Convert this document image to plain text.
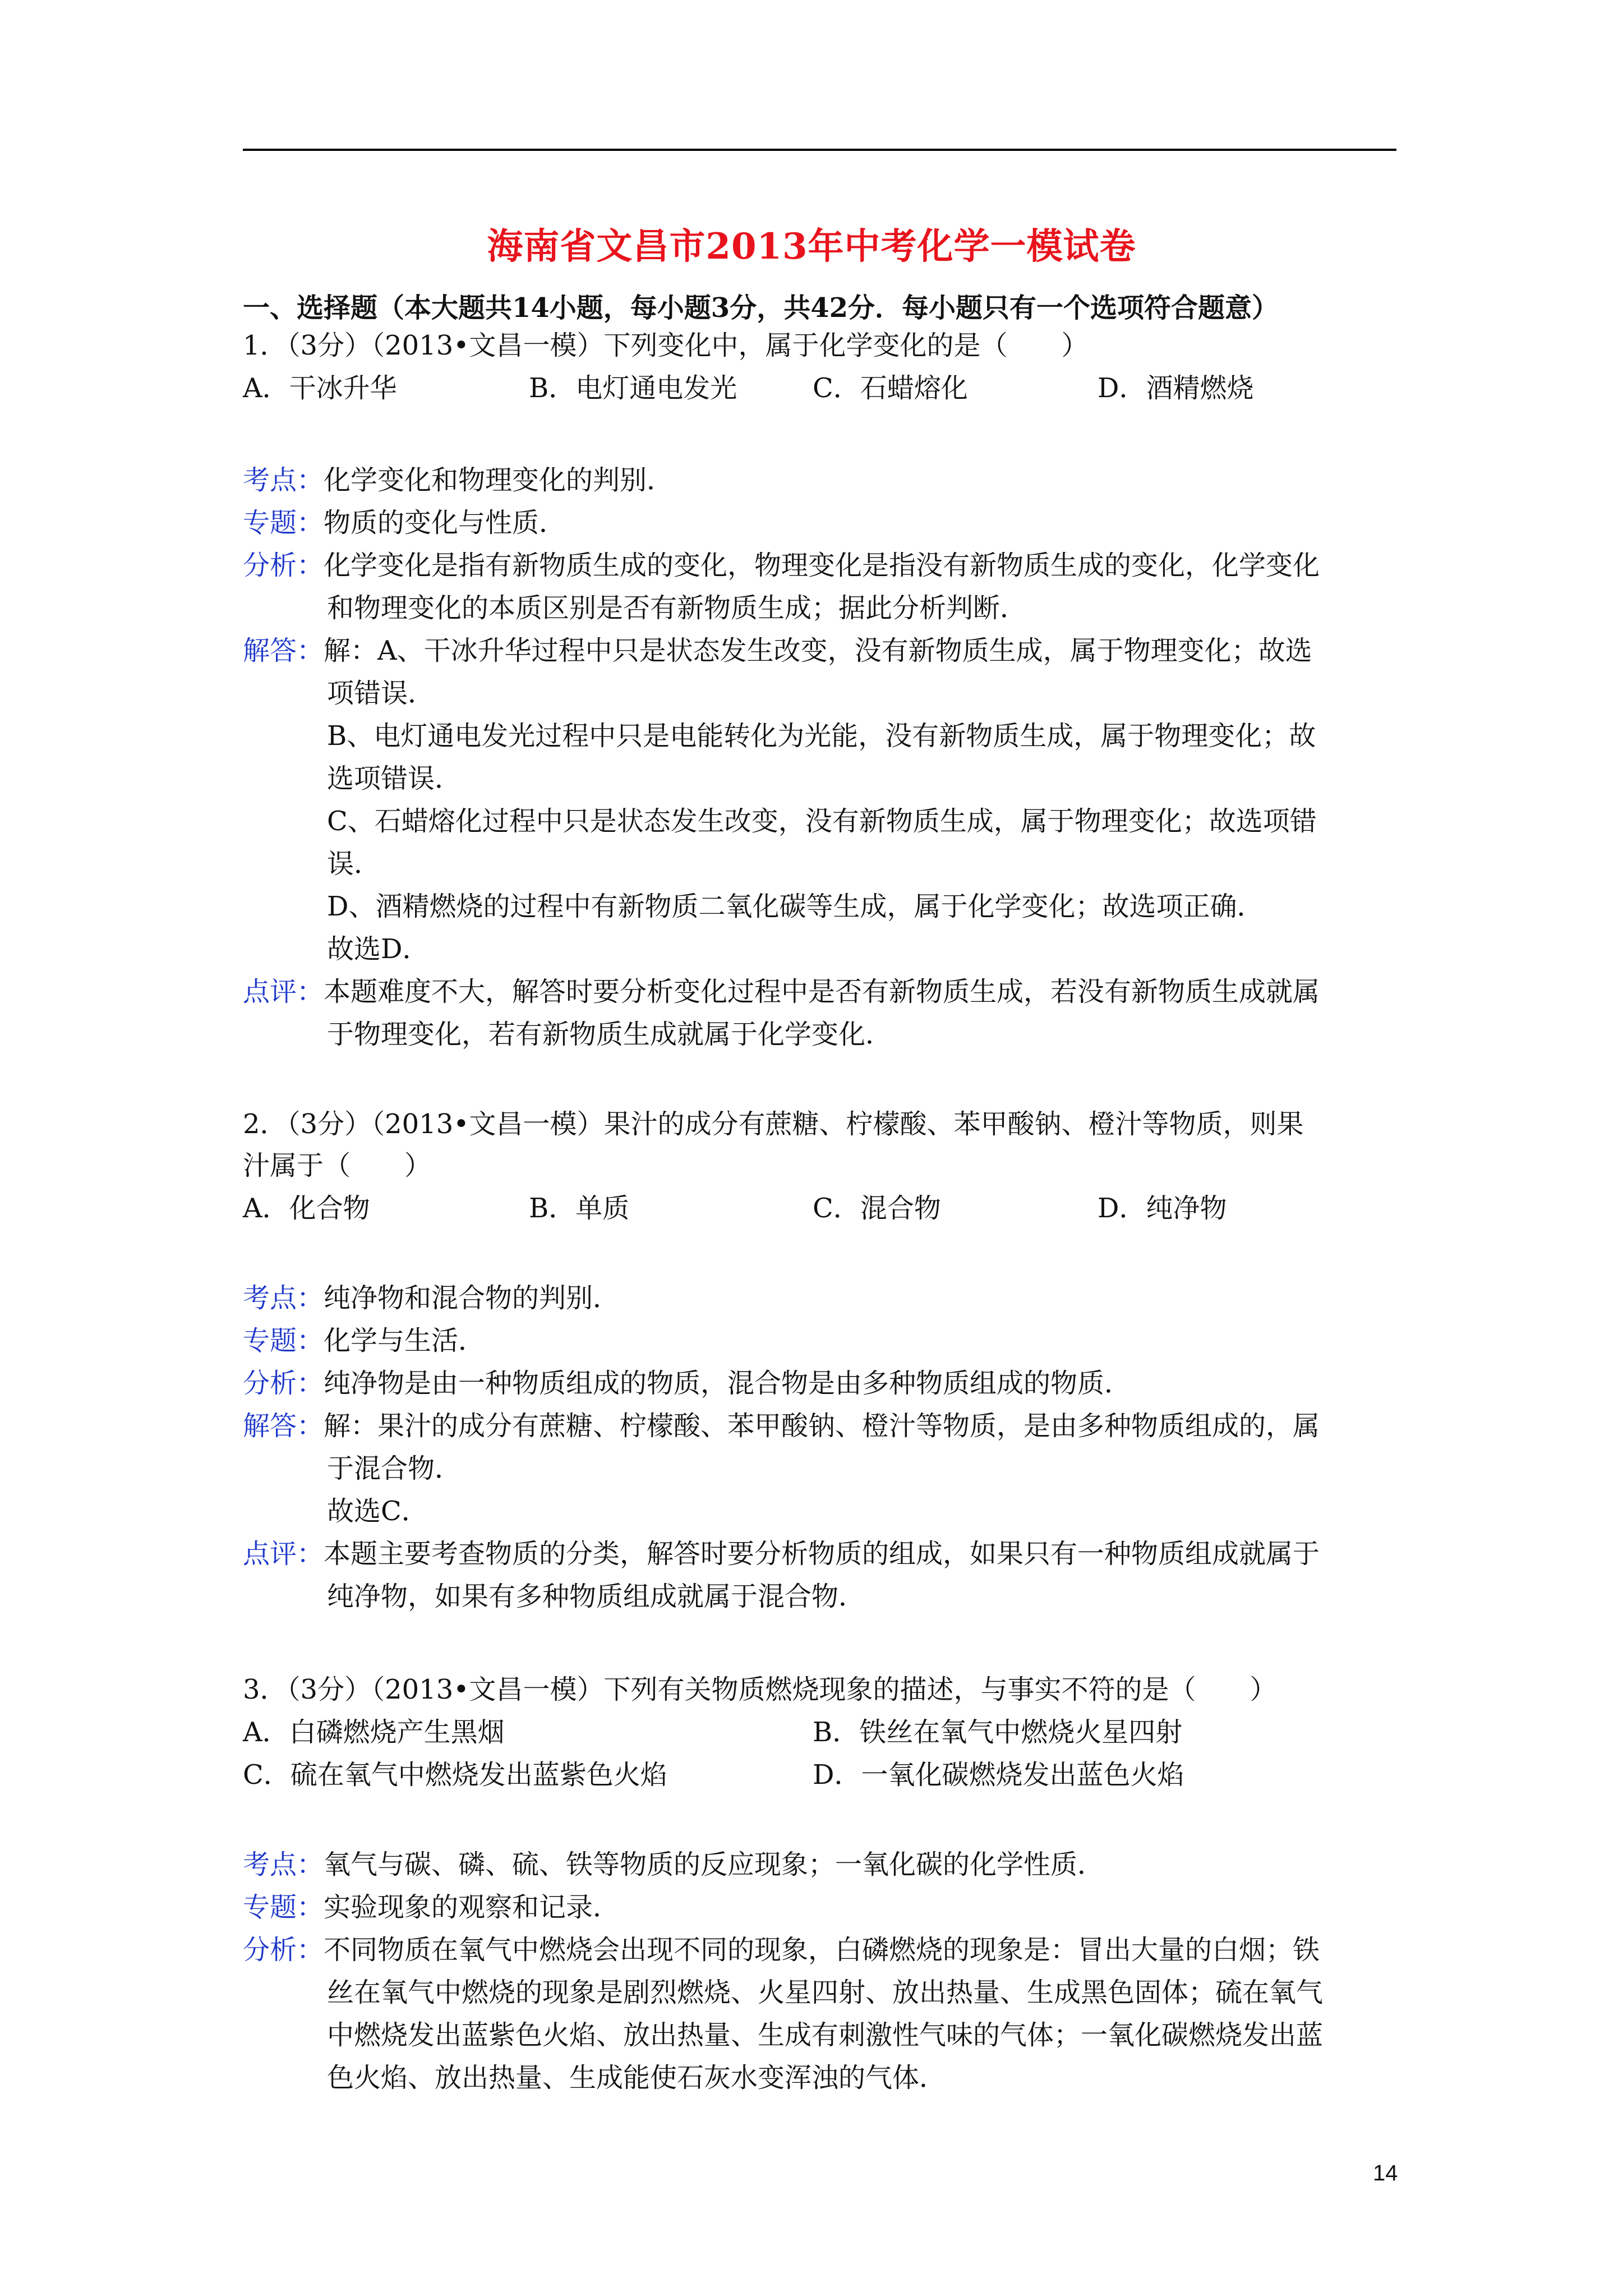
海南省文昌市2013年中考化学一模试卷
一、选择题（本大题共14小题，每小题3分，共42分．每小题只有一个选项符合题意）
1．（3分）（2013•文昌一模）下列变化中，属于化学变化的是（　　）
A．干冰升华	B．电灯通电发光	C．石蜡熔化	D．酒精燃烧
考点：化学变化和物理变化的判别．
专题：物质的变化与性质．
分析：化学变化是指有新物质生成的变化，物理变化是指没有新物质生成的变化，化学变化
和物理变化的本质区别是否有新物质生成；据此分析判断．
解答：解：A、干冰升华过程中只是状态发生改变，没有新物质生成，属于物理变化；故选
项错误．
B、电灯通电发光过程中只是电能转化为光能，没有新物质生成，属于物理变化；故
选项错误．
C、石蜡熔化过程中只是状态发生改变，没有新物质生成，属于物理变化；故选项错
误．
D、酒精燃烧的过程中有新物质二氧化碳等生成，属于化学变化；故选项正确．
故选D．
点评：本题难度不大，解答时要分析变化过程中是否有新物质生成，若没有新物质生成就属
于物理变化，若有新物质生成就属于化学变化．
2．（3分）（2013•文昌一模）果汁的成分有蔗糖、柠檬酸、苯甲酸钠、橙汁等物质，则果
汁属于（　　）
A．化合物	B．单质	C．混合物	D．纯净物
考点：纯净物和混合物的判别．
专题：化学与生活．
分析：纯净物是由一种物质组成的物质，混合物是由多种物质组成的物质．
解答：解：果汁的成分有蔗糖、柠檬酸、苯甲酸钠、橙汁等物质，是由多种物质组成的，属
于混合物．
故选C．
点评：本题主要考查物质的分类，解答时要分析物质的组成，如果只有一种物质组成就属于
纯净物，如果有多种物质组成就属于混合物．
3．（3分）（2013•文昌一模）下列有关物质燃烧现象的描述，与事实不符的是（　　）
A．白磷燃烧产生黑烟	B．铁丝在氧气中燃烧火星四射
C．硫在氧气中燃烧发出蓝紫色火焰	D．一氧化碳燃烧发出蓝色火焰
考点：氧气与碳、磷、硫、铁等物质的反应现象；一氧化碳的化学性质．
专题：实验现象的观察和记录．
分析：不同物质在氧气中燃烧会出现不同的现象，白磷燃烧的现象是：冒出大量的白烟；铁
丝在氧气中燃烧的现象是剧烈燃烧、火星四射、放出热量、生成黑色固体；硫在氧气
中燃烧发出蓝紫色火焰、放出热量、生成有刺激性气味的气体；一氧化碳燃烧发出蓝
色火焰、放出热量、生成能使石灰水变浑浊的气体．
14
